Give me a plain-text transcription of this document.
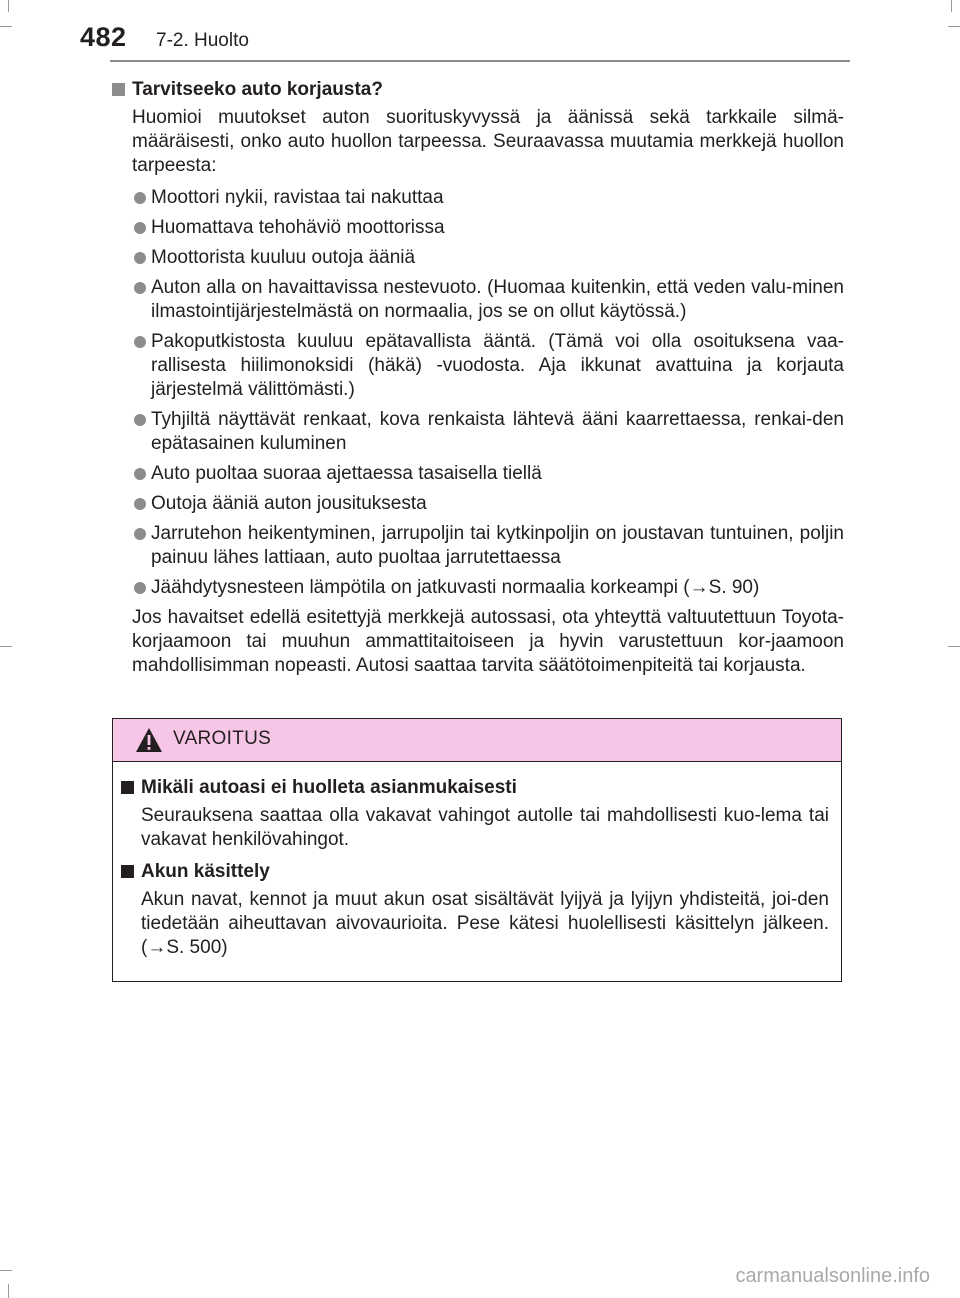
482 7-2. Huolto
Tarvitseeko auto korjausta?
Huomioi muutokset auton suorituskyvyssä ja äänissä sekä tarkkaile silmä-määräisesti, onko auto huollon tarpeessa. Seuraavassa muutamia merkkejä huollon tarpeesta:
Moottori nykii, ravistaa tai nakuttaa
Huomattava tehohäviö moottorissa
Moottorista kuuluu outoja ääniä
Auton alla on havaittavissa nestevuoto. (Huomaa kuitenkin, että veden valu-minen ilmastointijärjestelmästä on normaalia, jos se on ollut käytössä.)
Pakoputkistosta kuuluu epätavallista ääntä. (Tämä voi olla osoituksena vaa-rallisesta hiilimonoksidi (häkä) -vuodosta. Aja ikkunat avattuina ja korjauta järjestelmä välittömästi.)
Tyhjiltä näyttävät renkaat, kova renkaista lähtevä ääni kaarrettaessa, renkai-den epätasainen kuluminen
Auto puoltaa suoraa ajettaessa tasaisella tiellä
Outoja ääniä auton jousituksesta
Jarrutehon heikentyminen, jarrupoljin tai kytkinpoljin on joustavan tuntuinen, poljin painuu lähes lattiaan, auto puoltaa jarrutettaessa
Jäähdytysnesteen lämpötila on jatkuvasti normaalia korkeampi (→S. 90)
Jos havaitset edellä esitettyjä merkkejä autossasi, ota yhteyttä valtuutettuun Toyota-korjaamoon tai muuhun ammattitaitoiseen ja hyvin varustettuun kor-jaamoon mahdollisimman nopeasti. Autosi saattaa tarvita säätötoimenpiteitä tai korjausta.
VAROITUS
Mikäli autoasi ei huolleta asianmukaisesti
Seurauksena saattaa olla vakavat vahingot autolle tai mahdollisesti kuo-lema tai vakavat henkilövahingot.
Akun käsittely
Akun navat, kennot ja muut akun osat sisältävät lyijyä ja lyijyn yhdisteitä, joi-den tiedetään aiheuttavan aivovaurioita. Pese kätesi huolellisesti käsittelyn jälkeen. (→S. 500)
carmanualsonline.info
